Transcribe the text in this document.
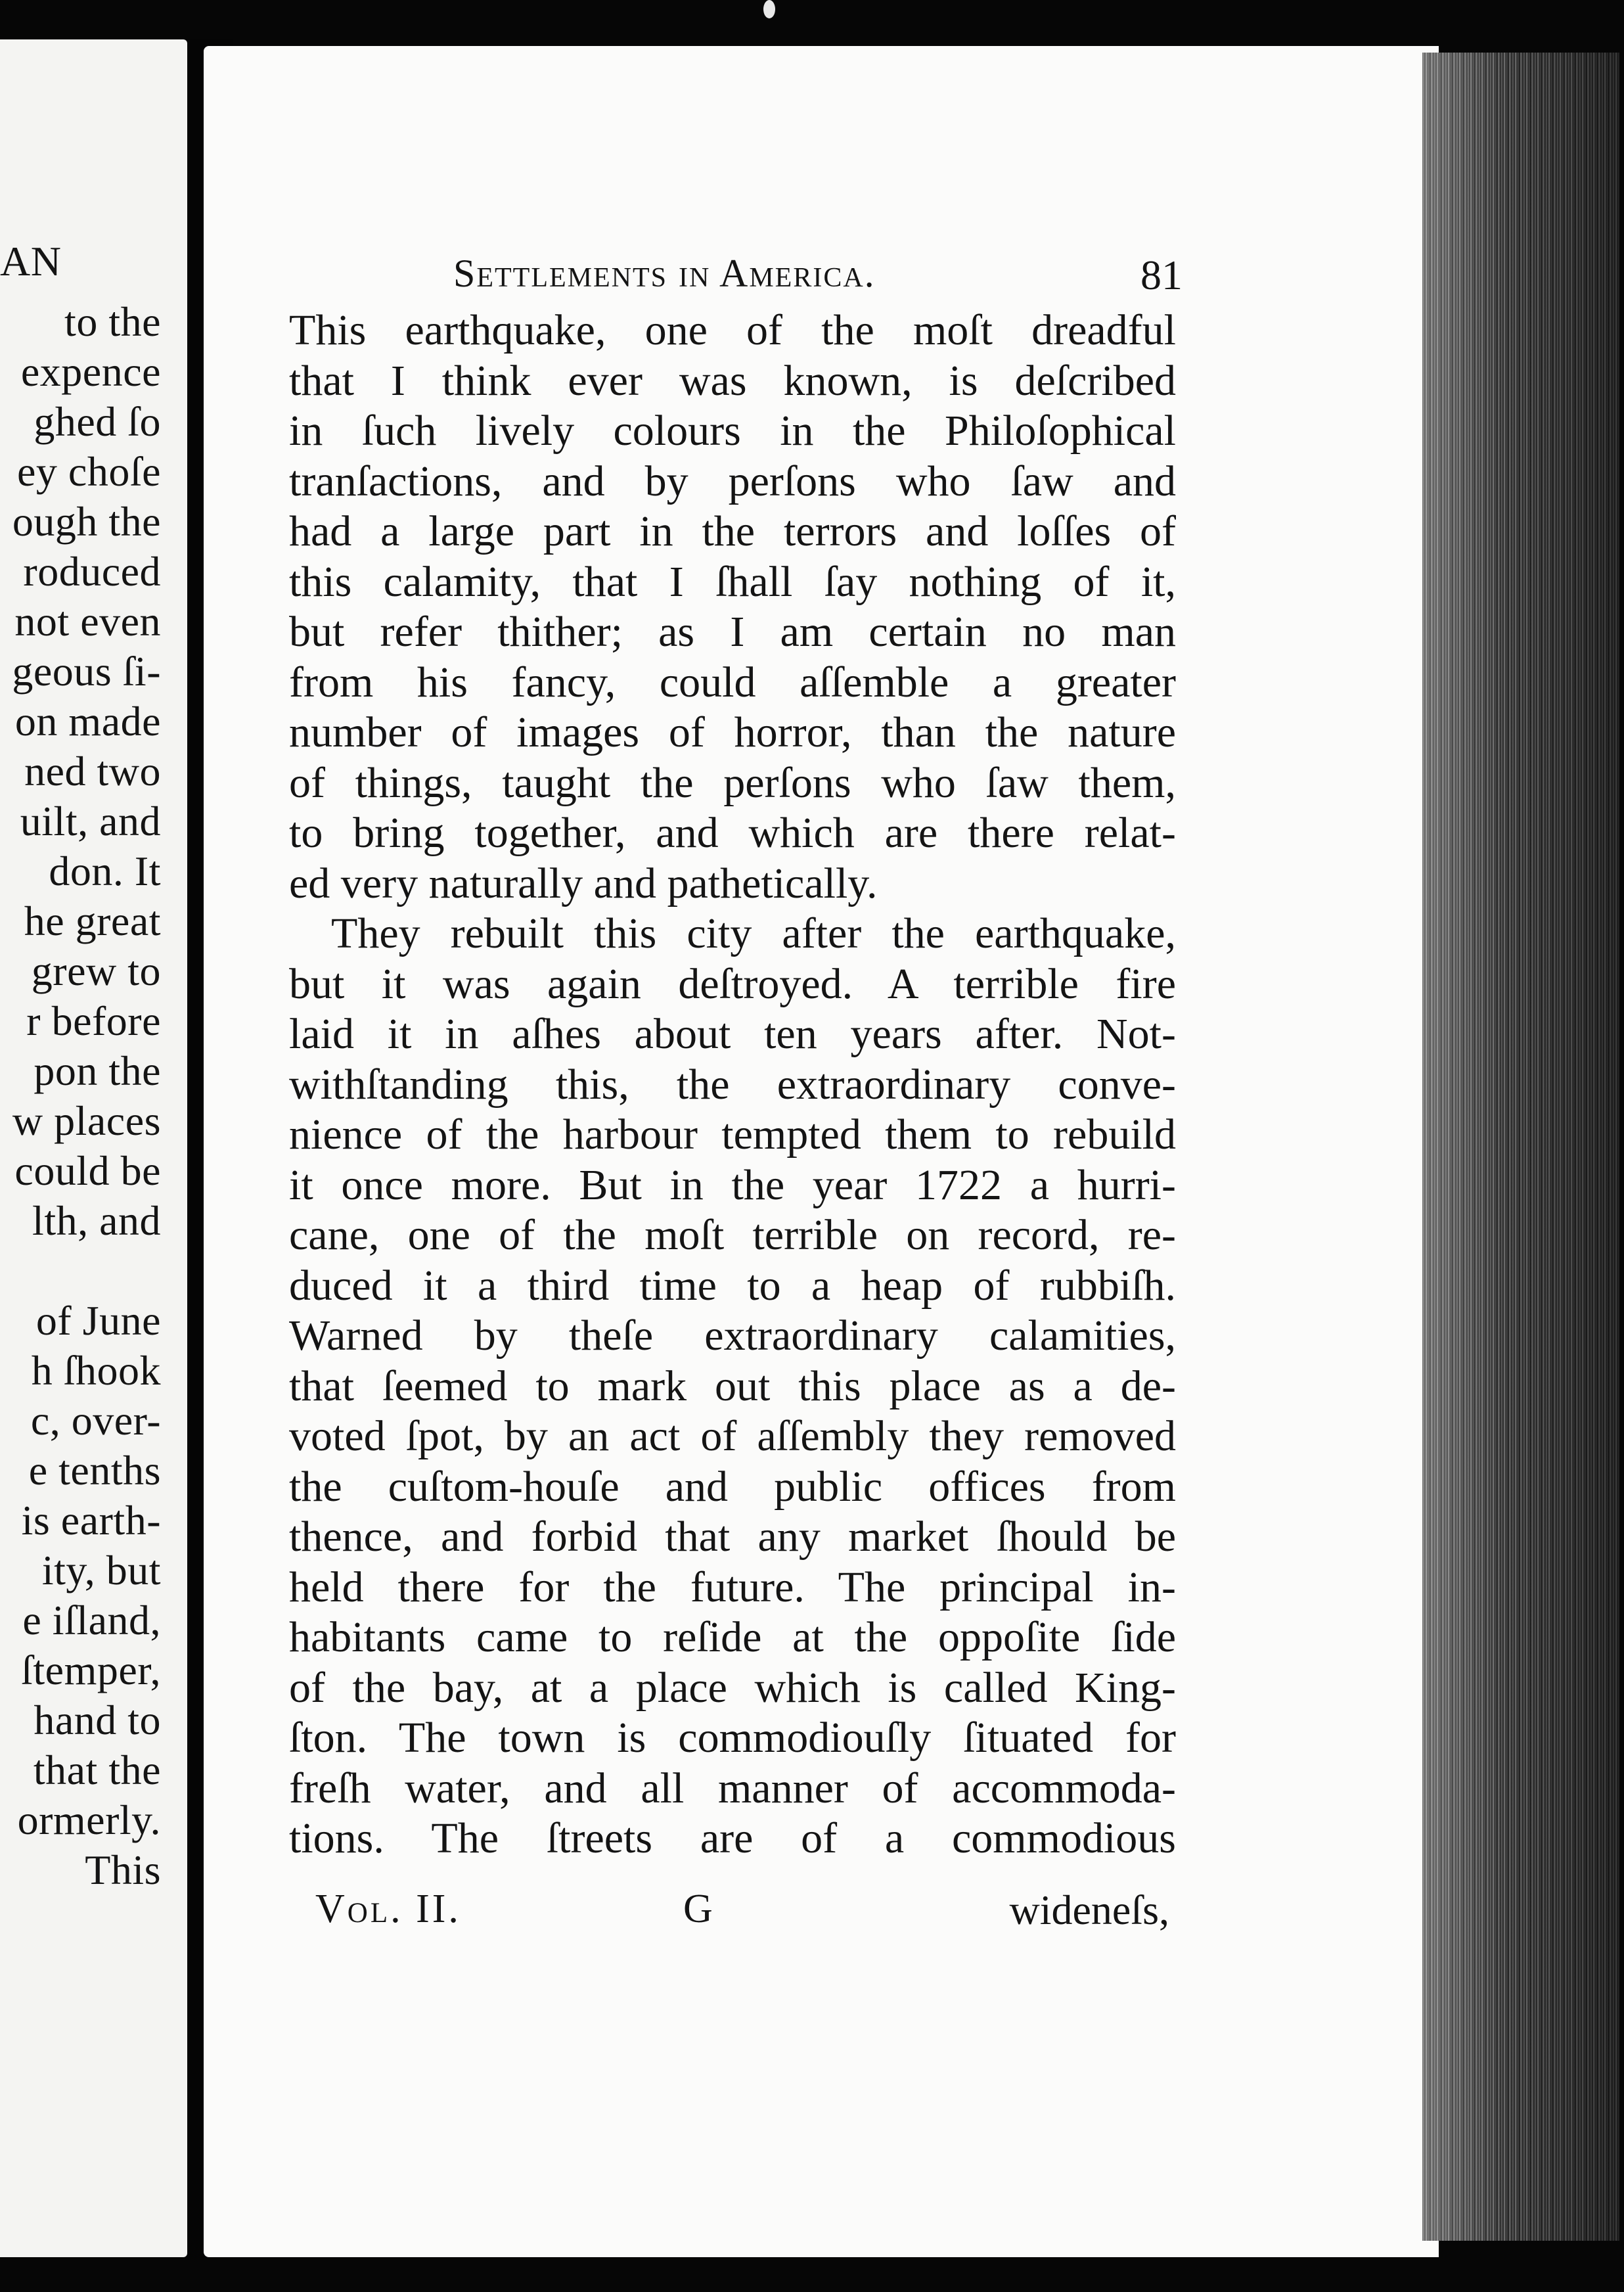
AN
to the
expence
ghed ſo
ey choſe
ough the
roduced
not even
geous ſi-
on made
ned two
uilt, and
don. It
he great
grew to
r before
pon the
w places
could be
lth, and
of June
h ſhook
c, over-
e tenths
is earth-
ity, but
e iſland,
ſtemper,
hand to
that the
ormerly.
This
Settlements in America.	81
This earthquake, one of the moſt dreadful
that I think ever was known, is deſcribed
in ſuch lively colours in the Philoſophical
tranſactions, and by perſons who ſaw and
had a large part in the terrors and loſſes of
this calamity, that I ſhall ſay nothing of it,
but refer thither; as I am certain no man
from his fancy, could aſſemble a greater
number of images of horror, than the nature
of things, taught the perſons who ſaw them,
to bring together, and which are there relat-
ed very naturally and pathetically.
They rebuilt this city after the earthquake,
but it was again deſtroyed. A terrible fire
laid it in aſhes about ten years after. Not-
withſtanding this, the extraordinary conve-
nience of the harbour tempted them to rebuild
it once more. But in the year 1722 a hurri-
cane, one of the moſt terrible on record, re-
duced it a third time to a heap of rubbiſh.
Warned by theſe extraordinary calamities,
that ſeemed to mark out this place as a de-
voted ſpot, by an act of aſſembly they removed
the cuſtom-houſe and public offices from
thence, and forbid that any market ſhould be
held there for the future. The principal in-
habitants came to reſide at the oppoſite ſide
of the bay, at a place which is called King-
ſton. The town is commodiouſly ſituated for
freſh water, and all manner of accommoda-
tions. The ſtreets are of a commodious
Vol. II.	G	wideneſs,
